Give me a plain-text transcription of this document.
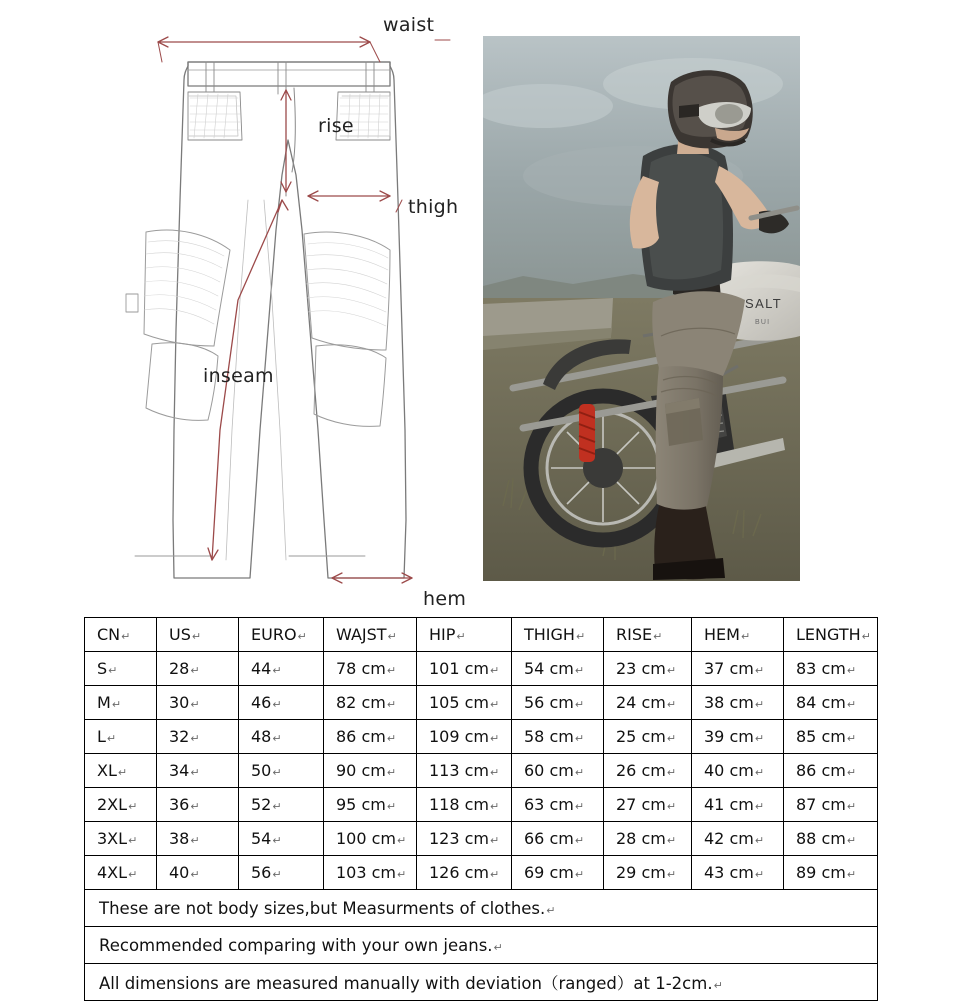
waist
rise
thigh
inseam
hem
SALT
BUI
CN↵	US↵	EURO↵	WAJST↵	HIP↵	THIGH↵	RISE↵	HEM↵	LENGTH↵
S↵	28↵	44↵	78 cm↵	101 cm↵	54 cm↵	23 cm↵	37 cm↵	83 cm↵
M↵	30↵	46↵	82 cm↵	105 cm↵	56 cm↵	24 cm↵	38 cm↵	84 cm↵
L↵	32↵	48↵	86 cm↵	109 cm↵	58 cm↵	25 cm↵	39 cm↵	85 cm↵
XL↵	34↵	50↵	90 cm↵	113 cm↵	60 cm↵	26 cm↵	40 cm↵	86 cm↵
2XL↵	36↵	52↵	95 cm↵	118 cm↵	63 cm↵	27 cm↵	41 cm↵	87 cm↵
3XL↵	38↵	54↵	100 cm↵	123 cm↵	66 cm↵	28 cm↵	42 cm↵	88 cm↵
4XL↵	40↵	56↵	103 cm↵	126 cm↵	69 cm↵	29 cm↵	43 cm↵	89 cm↵
These are not body sizes,but Measurments of clothes.↵								
Recommended comparing with your own jeans.↵								
All dimensions are measured manually with deviation（ranged）at 1-2cm.↵								
